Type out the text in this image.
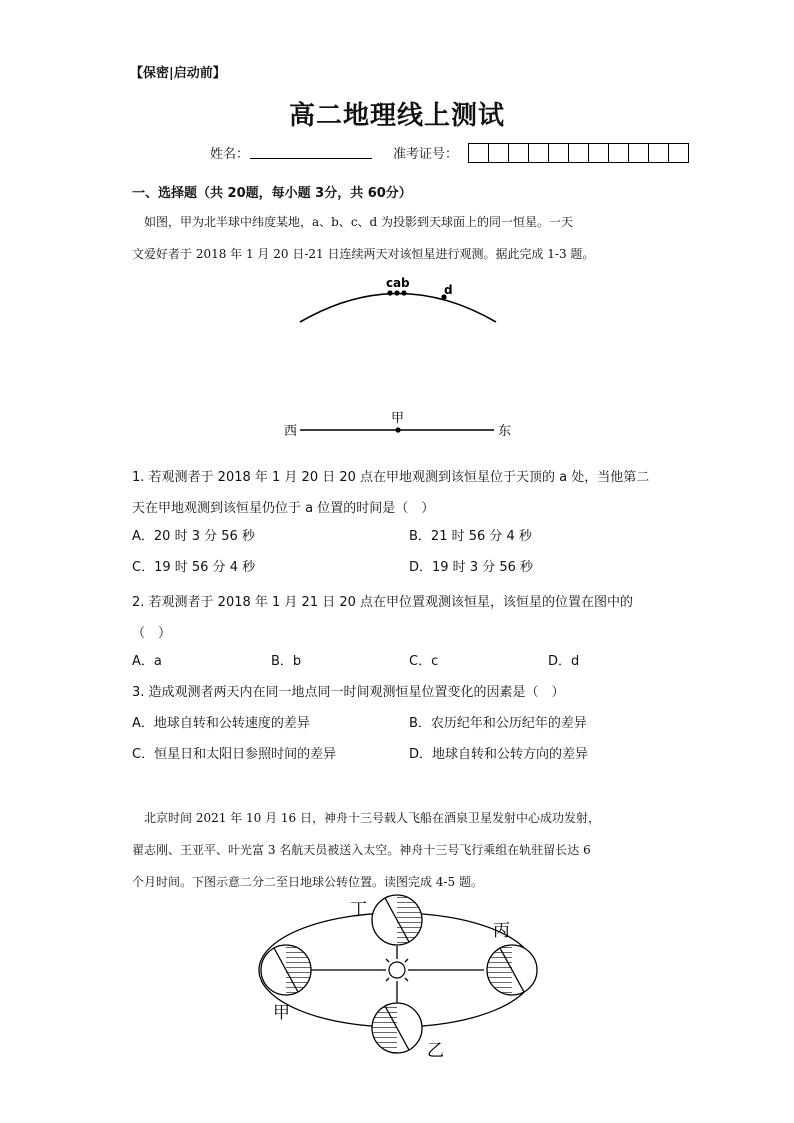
【保密|启动前】
高二地理线上测试
姓名：	准考证号：
一、选择题（共 20题，每小题 3分，共 60分）
　如图，甲为北半球中纬度某地，a、b、c、d 为投影到天球面上的同一恒星。一天
文爱好者于 2018 年 1 月 20 日-21 日连续两天对该恒星进行观测。据此完成 1-3 题。
c a b	d
甲
西	东
1. 若观测者于 2018 年 1 月 20 日 20 点在甲地观测到该恒星位于天顶的 a 处，当他第二
天在甲地观测到该恒星仍位于 a 位置的时间是（　）
A．20 时 3 分 56 秒	B．21 时 56 分 4 秒
C．19 时 56 分 4 秒	D．19 时 3 分 56 秒
2. 若观测者于 2018 年 1 月 21 日 20 点在甲位置观测该恒星，该恒星的位置在图中的
（　）
A．a	B．b	C．c	D．d
3. 造成观测者两天内在同一地点同一时间观测恒星位置变化的因素是（　）
A．地球自转和公转速度的差异	B．农历纪年和公历纪年的差异
C．恒星日和太阳日参照时间的差异	D．地球自转和公转方向的差异
　北京时间 2021 年 10 月 16 日，神舟十三号载人飞船在酒泉卫星发射中心成功发射，
翟志刚、王亚平、叶光富 3 名航天员被送入太空。神舟十三号飞行乘组在轨驻留长达 6
个月时间。下图示意二分二至日地球公转位置。读图完成 4-5 题。
丁
丙
甲
乙
